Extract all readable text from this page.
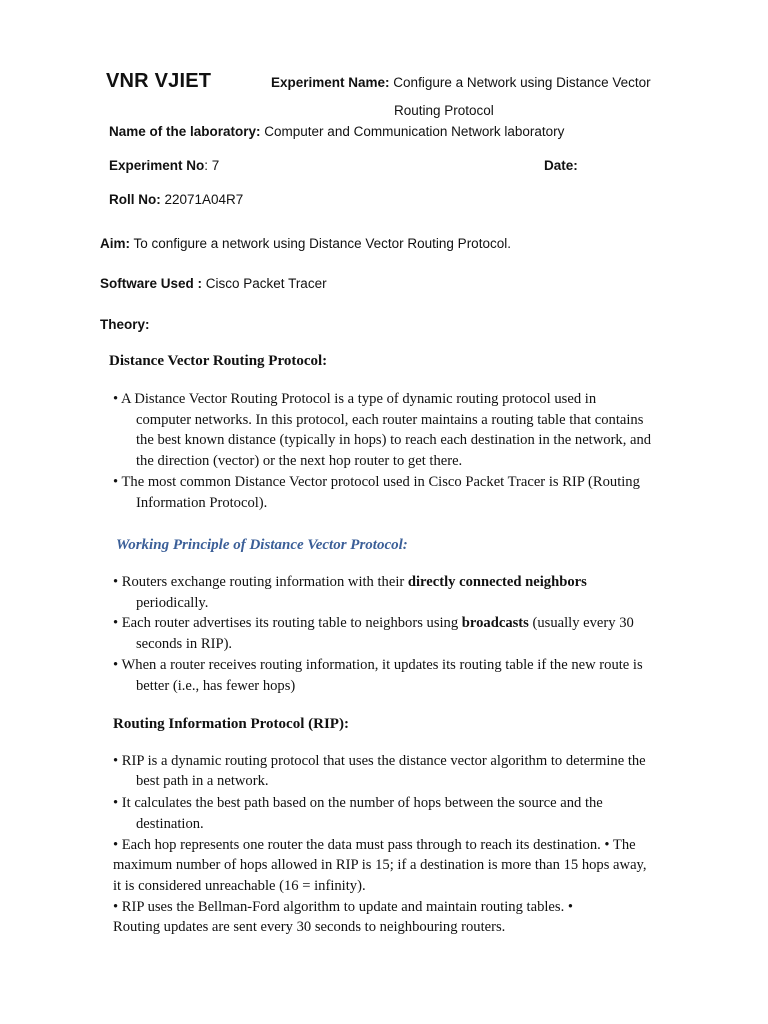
VNR VJIET	Experiment Name: Configure a Network using Distance Vector
Routing Protocol
Name of the laboratory: Computer and Communication Network laboratory
Experiment No: 7	Date:
Roll No: 22071A04R7
Aim: To configure a network using Distance Vector Routing Protocol.
Software Used : Cisco Packet Tracer
Theory:
Distance Vector Routing Protocol:
• A Distance Vector Routing Protocol is a type of dynamic routing protocol used in
computer networks. In this protocol, each router maintains a routing table that contains
the best known distance (typically in hops) to reach each destination in the network, and
the direction (vector) or the next hop router to get there.
• The most common Distance Vector protocol used in Cisco Packet Tracer is RIP (Routing
Information Protocol).
Working Principle of Distance Vector Protocol:
• Routers exchange routing information with their directly connected neighbors
periodically.
• Each router advertises its routing table to neighbors using broadcasts (usually every 30
seconds in RIP).
• When a router receives routing information, it updates its routing table if the new route is
better (i.e., has fewer hops)
Routing Information Protocol (RIP):
• RIP is a dynamic routing protocol that uses the distance vector algorithm to determine the
best path in a network.
• It calculates the best path based on the number of hops between the source and the
destination.
• Each hop represents one router the data must pass through to reach its destination. • The
maximum number of hops allowed in RIP is 15; if a destination is more than 15 hops away,
it is considered unreachable (16 = infinity).
• RIP uses the Bellman-Ford algorithm to update and maintain routing tables. •
Routing updates are sent every 30 seconds to neighbouring routers.
